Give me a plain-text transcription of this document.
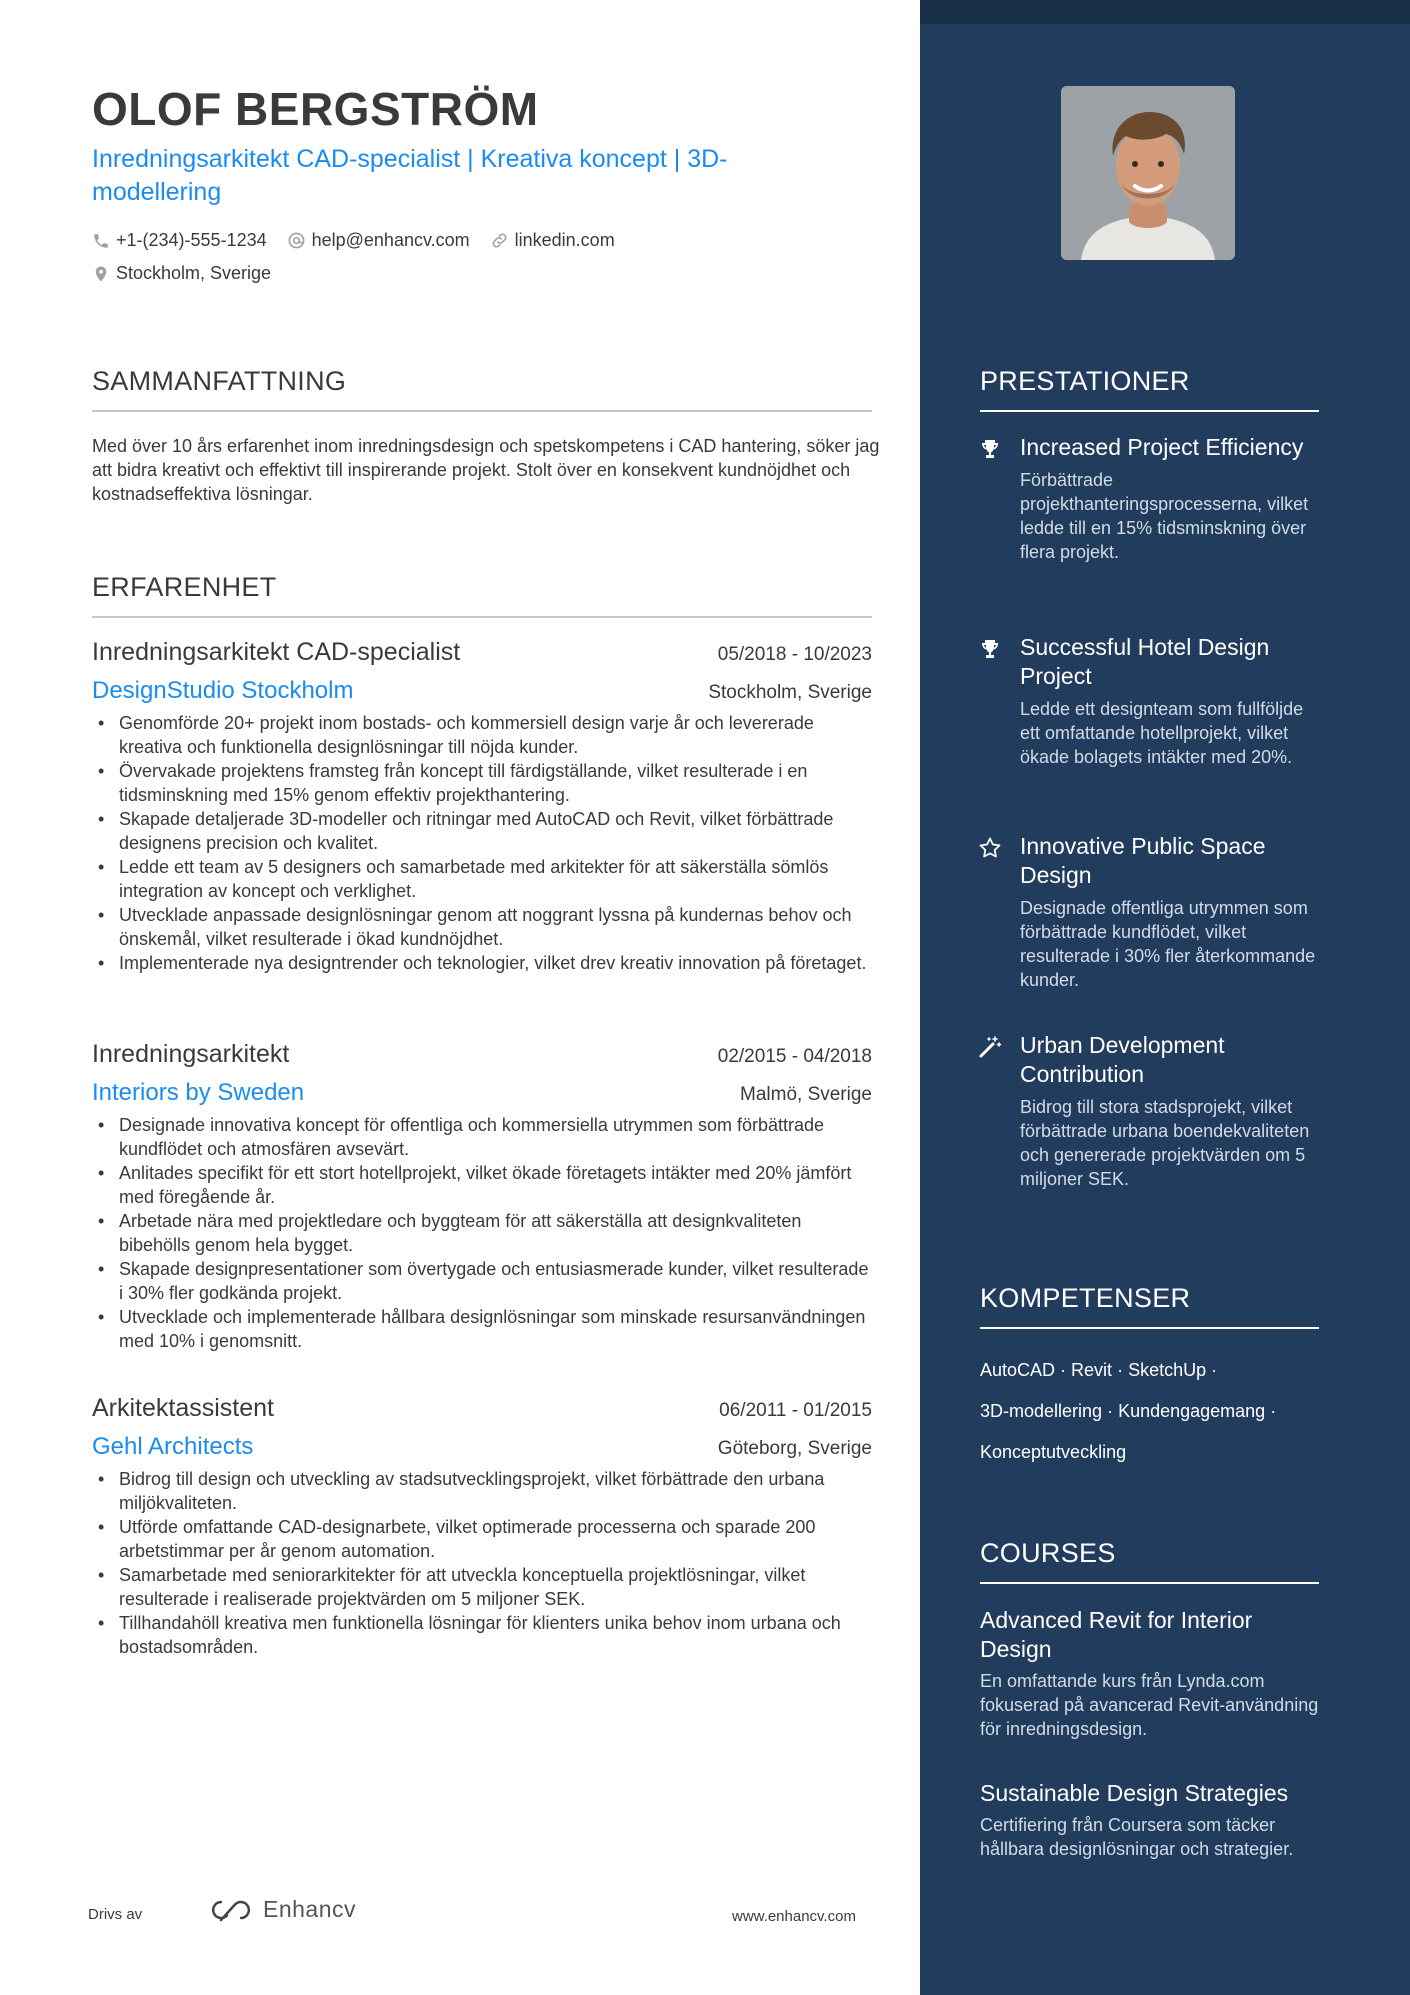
OLOF BERGSTRÖM
Inredningsarkitekt CAD-specialist | Kreativa koncept | 3D-modellering
+1-(234)-555-1234	help@enhancv.com	linkedin.com
Stockholm, Sverige
SAMMANFATTNING
Med över 10 års erfarenhet inom inredningsdesign och spetskompetens i CAD hantering, söker jag att bidra kreativt och effektivt till inspirerande projekt. Stolt över en konsekvent kundnöjdhet och kostnadseffektiva lösningar.
ERFARENHET
Inredningsarkitekt CAD-specialist	05/2018 - 10/2023
DesignStudio Stockholm	Stockholm, Sverige
• Genomförde 20+ projekt inom bostads- och kommersiell design varje år och levererade kreativa och funktionella designlösningar till nöjda kunder.
• Övervakade projektens framsteg från koncept till färdigställande, vilket resulterade i en tidsminskning med 15% genom effektiv projekthantering.
• Skapade detaljerade 3D-modeller och ritningar med AutoCAD och Revit, vilket förbättrade designens precision och kvalitet.
• Ledde ett team av 5 designers och samarbetade med arkitekter för att säkerställa sömlös integration av koncept och verklighet.
• Utvecklade anpassade designlösningar genom att noggrant lyssna på kundernas behov och önskemål, vilket resulterade i ökad kundnöjdhet.
• Implementerade nya designtrender och teknologier, vilket drev kreativ innovation på företaget.
Inredningsarkitekt	02/2015 - 04/2018
Interiors by Sweden	Malmö, Sverige
• Designade innovativa koncept för offentliga och kommersiella utrymmen som förbättrade kundflödet och atmosfären avsevärt.
• Anlitades specifikt för ett stort hotellprojekt, vilket ökade företagets intäkter med 20% jämfört med föregående år.
• Arbetade nära med projektledare och byggteam för att säkerställa att designkvaliteten bibehölls genom hela bygget.
• Skapade designpresentationer som övertygade och entusiasmerade kunder, vilket resulterade i 30% fler godkända projekt.
• Utvecklade och implementerade hållbara designlösningar som minskade resursanvändningen med 10% i genomsnitt.
Arkitektassistent	06/2011 - 01/2015
Gehl Architects	Göteborg, Sverige
• Bidrog till design och utveckling av stadsutvecklingsprojekt, vilket förbättrade den urbana miljökvaliteten.
• Utförde omfattande CAD-designarbete, vilket optimerade processerna och sparade 200 arbetstimmar per år genom automation.
• Samarbetade med seniorarkitekter för att utveckla konceptuella projektlösningar, vilket resulterade i realiserade projektvärden om 5 miljoner SEK.
• Tillhandahöll kreativa men funktionella lösningar för klienters unika behov inom urbana och bostadsområden.
Drivs av	Enhancv	www.enhancv.com
PRESTATIONER
Increased Project Efficiency
Förbättrade projekthanteringsprocesserna, vilket ledde till en 15% tidsminskning över flera projekt.
Successful Hotel Design Project
Ledde ett designteam som fullföljde ett omfattande hotellprojekt, vilket ökade bolagets intäkter med 20%.
Innovative Public Space Design
Designade offentliga utrymmen som förbättrade kundflödet, vilket resulterade i 30% fler återkommande kunder.
Urban Development Contribution
Bidrog till stora stadsprojekt, vilket förbättrade urbana boendekvaliteten och genererade projektvärden om 5 miljoner SEK.
KOMPETENSER
AutoCAD · Revit · SketchUp ·
3D-modellering · Kundengagemang ·
Konceptutveckling
COURSES
Advanced Revit for Interior Design
En omfattande kurs från Lynda.com fokuserad på avancerad Revit-användning för inredningsdesign.
Sustainable Design Strategies
Certifiering från Coursera som täcker hållbara designlösningar och strategier.
